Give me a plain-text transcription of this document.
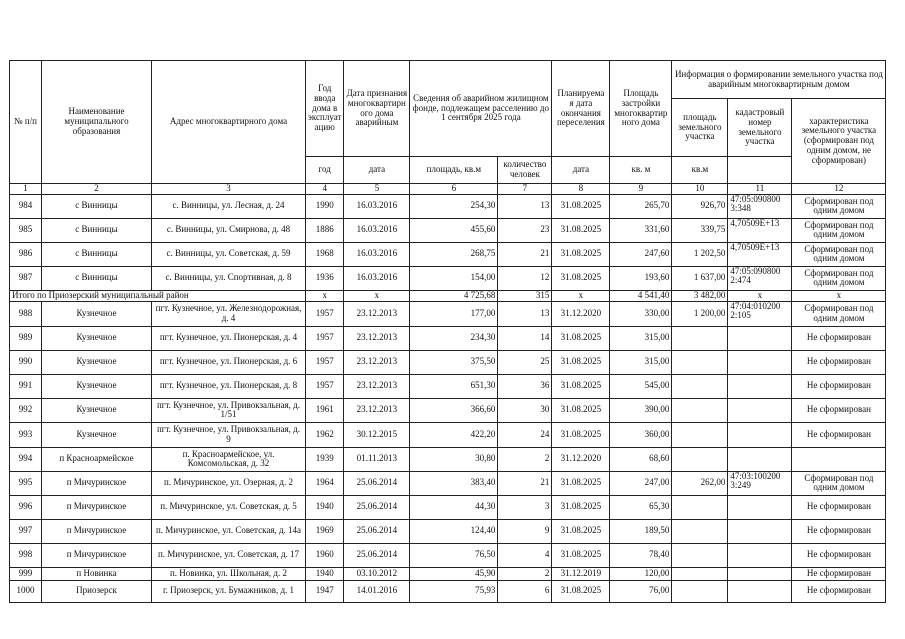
№ п/п	Наименование муниципального образования	Адрес многоквартирного дома	Год ввода дома в эксплуат ацию	Дата признания многоквартирн ого дома аварийным	Сведения об аварийном жилищном фонде, подлежащем расселению до 1 сентября 2025 года		Планируема я дата окончания переселения	Площадь застройки многоквартир ного дома	Информация о формировании земельного участка под аварийным многоквартирным домом		
									площадь земельного участка	кадастровый номер земельного участка	характеристика земельного участка (сформирован под одним домом, не сформирован)
			год	дата	площадь, кв.м	количество человек	дата	кв. м	кв.м		
1	2	3	4	5	6	7	8	9	10	11	12
984	с Винницы	с. Винницы, ул. Лесная, д. 24	1990	16.03.2016	254,30	13	31.08.2025	265,70	926,70	47:05:090800 3:348	Сформирован под одним домом
985	с Винницы	с. Винницы, ул. Смирнова, д. 48	1886	16.03.2016	455,60	23	31.08.2025	331,60	339,75	4,70509E+13	Сформирован под одним домом
986	с Винницы	с. Винницы, ул. Советская, д. 59	1968	16.03.2016	268,75	21	31.08.2025	247,60	1 202,50	4,70509E+13	Сформирован под одним домом
987	с Винницы	с. Винницы, ул. Спортивная, д. 8	1936	16.03.2016	154,00	12	31.08.2025	193,60	1 637,00	47:05:090800 2:474	Сформирован под одним домом
Итого по Приозерский муниципальный район			x	x	4 725,68	315	x	4 541,40	3 482,00	x	x
988	Кузнечное	пгт. Кузнечное, ул. Железнодорожная, д. 4	1957	23.12.2013	177,00	13	31.12.2020	330,00	1 200,00	47:04:010200 2:105	Сформирован под одним домом
989	Кузнечное	пгт. Кузнечное, ул. Пионерская, д. 4	1957	23.12.2013	234,30	14	31.08.2025	315,00			Не сформирован
990	Кузнечное	пгт. Кузнечное, ул. Пионерская, д. 6	1957	23.12.2013	375,50	25	31.08.2025	315,00			Не сформирован
991	Кузнечное	пгт. Кузнечное, ул. Пионерская, д. 8	1957	23.12.2013	651,30	36	31.08.2025	545,00			Не сформирован
992	Кузнечное	пгт. Кузнечное, ул. Привокзальная, д. 1/51	1961	23.12.2013	366,60	30	31.08.2025	390,00			Не сформирован
993	Кузнечное	пгт. Кузнечное, ул. Привокзальная, д. 9	1962	30.12.2015	422,20	24	31.08.2025	360,00			Не сформирован
994	п Красноармейское	п. Красноармейское, ул. Комсомольская, д. 32	1939	01.11.2013	30,80	2	31.12.2020	68,60			
995	п Мичуринское	п. Мичуринское, ул. Озерная, д. 2	1964	25.06.2014	383,40	21	31.08.2025	247,00	262,00	47:03:100200 3:249	Сформирован под одним домом
996	п Мичуринское	п. Мичуринское, ул. Советская, д. 5	1940	25.06.2014	44,30	3	31.08.2025	65,30			Не сформирован
997	п Мичуринское	п. Мичуринское, ул. Советская, д. 14а	1969	25.06.2014	124,40	9	31.08.2025	189,50			Не сформирован
998	п Мичуринское	п. Мичуринское, ул. Советская, д. 17	1960	25.06.2014	76,50	4	31.08.2025	78,40			Не сформирован
999	п Новинка	п. Новинка, ул. Школьная, д. 2	1940	03.10.2012	45,90	2	31.12.2019	120,00			Не сформирован
1000	Приозерск	г. Приозерск, ул. Бумажников, д. 1	1947	14.01.2016	75,93	6	31.08.2025	76,00			Не сформирован
